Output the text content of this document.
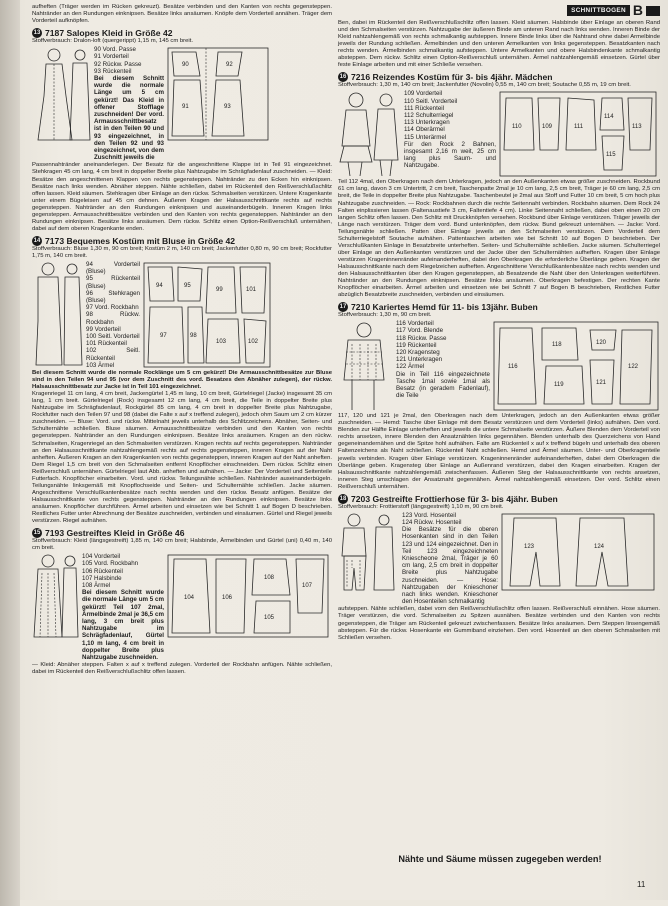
SCHNITTBOGEN B

aufheften (Träger werden im Rücken gekreuzt). Besätze verbinden und den Kanten von rechts gegensteppen. Nahtränder an den Rundungen einknipsen. Besätze links ansäumen. Knöpfe dem Vorderteil annähen. Träger dem Vorderteil aufknöpfen.

13 7187 Salopes Kleid in Größe 42

Stoffverbrauch: Dralon-loft (quergerippt) 1,15 m, 145 cm breit.

90 Vord. Passe
91 Vorderteil
92 Rückw. Passe
93 Rückenteil
Bei diesem Schnitt wurde die normale Länge um 5 cm gekürzt! Das Kleid in offener Stofflage zuschneiden! Der vord. Armausschnittbesatz ist in den Teilen 90 und 93 eingezeichnet, in den Teilen 92 und 93 eingezeichnet, von dem Zuschnitt jeweils die
90
91
92
93

Passennahtränder aneinanderlegen. Der Besatz für die angeschnittene Klappe ist in Teil 91 eingezeichnet. Stehkragen 45 cm lang, 4 cm breit in doppelter Breite plus Nahtzugabe im Schrägfadenlauf zuschneiden. — Kleid: Besätze den angeschnittenen Klappen von rechts gegensteppen. Nahtränder zu den Ecken hin einknipsen. Besätze nach links wenden. Abnäher steppen. Nähte schließen, dabei im Rückenteil den Reißverschlußschlitz offen lassen. Kleid säumen. Stehkragen über Einlage an den rückw. Schmalseiten verstürzen. Untere Kragenkante unter einem Bügeleisen auf 45 cm dehnen. Äußeren Kragen der Halsausschnittkante rechts auf rechts gegensteppen. Nahtränder an den Rundungen einknipsen und auseinanderbügeln. Inneren Kragen links gegensteppen. Armausschnittbesätze verbinden und den Kanten von rechts gegensteppen. Nahtränder an den Rundungen einknipsen. Besätze links ansäumen. Dem rückw. Schlitz einen Option-Reißverschluß unternähen, dabei auf dem oberen Kragenkante enden.

14 7173 Bequemes Kostüm mit Bluse in Größe 42

Stoffverbrauch: Bluse 1,30 m, 90 cm breit; Kostüm 2 m, 140 cm breit; Jackenfutter 0,80 m, 90 cm breit; Rockfutter 1,75 m, 140 cm breit.

94 Vorderteil (Bluse)
95 Rückenteil (Bluse)
96 Stehkragen (Bluse)
97 Vord. Rockbahn
98 Rückw. Rockbahn
99 Vorderteil
100 Seitl. Vorderteil
101 Rückenteil
102 Seitl. Rückenteil
103 Ärmel
94	95
99	101
97	98
103	102

Bei diesem Schnitt wurde die normale Rocklänge um 5 cm gekürzt! Die Armausschnittbesätze zur Bluse sind in den Teilen 94 und 95 (vor dem Zuschnitt des vord. Besatzes den Abnäher zulegen), der rückw. Halsausschnittbesatz zur Jacke ist in Teil 101 eingezeichnet.

Kragenriegel 11 cm lang, 4 cm breit, Jackengürtel 1,45 m lang, 10 cm breit, Gürtelriegel (Jacke) insgesamt 35 cm lang, 1 cm breit. Gürtelriegel (Rock) insgesamt 12 cm lang, 4 cm breit, die Teile in doppelter Breite plus Nahtzugabe im Schrägfadenlauf, Rockgürtel 85 cm lang, 4 cm breit in doppelter Breite plus Nahtzugabe, Rockfutter nach den Teilen 97 und 98 (dabei die Falte x auf x treffend zulegen), jedoch ohm Saum um 2 cm kürzer zuschneiden. — Bluse: Vord. und rückw. Mittelnaht jeweils unterhalb des Schlitzzeichens. Abnäher, Seiten- und Schulternähte schließen. Bluse säumen. Armausschnittbesätze verbinden und den Kanten von rechts gegensteppen. Nahtränder an den Rundungen einknipsen. Besätze links ansäumen. Kragen an den rückw. Schmalseiten, Kragenriegel an den Schmalseiten verstürzen. Kragen rechts auf rechts gegensteppen. Nahtränder an den Halsausschnittkante nahtzahlengemäß rechts auf rechts gegensteppen, inneren Kragen auf der Naht anheften. Äußeren Kragen an den Kragenkanten von rechts gegensteppen, inneren Kragen auf der Naht anheften. Dem Riegel 1,5 cm breit von den Schmalseiten entfernt Knopflöcher einschneiden. Dem rückw. Schlitz einen Reißverschluß unternähen. Gürtelriegel laut Abb. anheften und aufnähen. — Jacke: Der Vorderteil und Seitenteile Futterfach. Knopflöcher einarbeiten. Vord. und rückw. Teilungsnähte schließen. Nahtränder auseinanderbügeln. Teilungsnähte linksgemäß mit Knopflochseide und Seiten- und Schulternähte schließen. Jacke säumen. Angeschnittene Verschlußkantenbesätze nach rechts wenden und den rückw. Besatz anfügen. Besätze der Halsausschnittkante von rechts gegensteppen. Nahtränder an den Rundungen einknipsen. Besätze links ansäumen. Knopflöcher durchführen. Ärmel arbeiten und einsetzen wie bei Schnitt 1 auf Bogen D beschrieben. Restliches Futter unter Abrechnung der Besätze zuschneiden, verbinden und einsäumen. Gürtel und Riegel jeweils verstürzen. Riegel aufnähen.

15 7193 Gestreiftes Kleid in Größe 46

Stoffverbrauch: Kleid (längsgestreift) 1,85 m, 140 cm breit; Halsbinde, Ärmelbinden und Gürtel (uni) 0,40 m, 140 cm breit.

104 Vorderteil
105 Vord. Rockbahn
106 Rückenteil
107 Halsbinde
108 Ärmel
Bei diesem Schnitt wurde die normale Länge um 5 cm gekürzt! Teil 107 2mal, Ärmelbinde 2mal je 36,5 cm lang, 3 cm breit plus Nahtzugabe im Schrägfadenlauf, Gürtel 1,10 m lang, 4 cm breit in doppelter Breite plus Nahtzugabe zuschneiden.
104	106
108
105
107

— Kleid: Abnäher steppen. Falten x auf x treffend zulegen. Vorderteil der Rockbahn anfügen. Nähte schließen, dabei im Rückenteil den Reißverschlußschlitz offen lassen.

Ben, dabei im Rückenteil den Reißverschlußschlitz offen lassen. Kleid säumen. Halsbinde über Einlage an oberen Rand und den Schmalseiten verstürzen. Nahtzugabe der äußeren Binde am unteren Rand nach links wenden. Inneren Binde der Kleid nahtzahlengemäß von rechts schmalkantig aufsteppen. Innere Binde links über die Nahtrand ohne dabei Armelbinde jeweils der Rundung schließen. Ärmelbinden und den unteren Armelkanten von links gegensteppen. Besatzkanten nach rechts wenden. Ärmelbinden schmalkantig aufsteppen. Untere Armelkanten und obere Halsbindenkante schmalkantig absteppen. Dem rückw. Schlitz einen Option-Reißverschluß unternähen. Ärmel nahtzahlengemäß einsetzen. Gürtel über feste Einlage arbeiten und mit einer Schließe versehen.

16 7216 Reizendes Kostüm für 3- bis 4jähr. Mädchen

Stoffverbrauch: 1,30 m, 140 cm breit; Jackenfutter (Novolin) 0,55 m, 140 cm breit; Soutache 0,55 m, 19 cm breit.

109 Vorderteil
110 Seitl. Vorderteil
111 Rückenteil
112 Schulterriegel
113 Unterkragen
114 Oberärmel
115 Unterärmel
Für den Rock 2 Bahnen, insgesamt 2,16 m weit, 25 cm lang plus Saum- und Nahtzugabe.
110	109	111
114
113
115

Teil 112 4mal, den Oberkragen nach dem Unterkragen, jedoch an den Außenkanten etwas größer zuschneiden. Rockbund 61 cm lang, davon 3 cm Untertritt, 2 cm breit, Taschenpatte 2mal je 10 cm lang, 2,5 cm breit, Träger je 60 cm lang, 2,5 cm breit, die Teile in doppelter Breite plus Nahtzugabe. Taschenbeutel je 2mal aus Stoff und Futter 10 cm breit, 5 cm hoch plus Nahtzugabe zuschneiden. — Rock: Rockbahnen durch die rechte Seitennaht verbinden. Rockbahn säumen. Dem Rock 24 Falten einplissieren lassen (Faltenaustiefe 3 cm, Faltentiefe 4 cm). Linke Seitennaht schließen, dabei oben einen 20 cm langen Schlitz offen lassen. Den Schlitz mit Druckknöpfen versehen. Rockbund über Einlage verstürzen. Träger jeweils der Länge nach verstürzen. Träger dem vord. Bund unterknöpfen, dem rückw. Bund gekreuzt unternähen. — Jacke: Vord. Teilungsnähte schließen. Patten über Einlage jeweils an den Schmalseiten verstürzen. Dem Vorderteil dem Schulterriegelstoff Soutache aufnähen. Pattentaschen arbeiten wie bei Schnitt 10 auf Bogen D beschrieben. Der Verschlußkanten Einlage in Besatzbreite unterheften. Seiten- und Schulternähte schließen. Jacke säumen. Schulterriegel über Einlage an den Außenkanten verstürzen und der Jacke über den Schulternähten aufheften. Kragen über Einlage verstürzen Krageninnenränder aufeinanderheften, dabei den Oberkragen die erforderliche Überlänge geben. Kragen der Halsausschnittkante nach dem Riegelzeichen aufheften. Angeschnittene Verschlußkantenbesätze nach rechts wenden und den Halsausschnittkanten über den Kragen gegensteppen, ab Besatzende die Naht über den Unterkragen weiterführen. Nahtränder an den Rundungen einknipsen. Besätze links ansäumen. Oberkragen befestigen. Der rechten Kante Knopflöcher einarbeiten. Ärmel arbeiten und einsetzen wie bei Schnitt 7 auf Bogen B beschrieben, Restliches Futter abzüglich Besatzbreite zuschneiden, verbinden und einsäumen.

17 7210 Kariertes Hemd für 11- bis 13jähr. Buben

Stoffverbrauch: 1,30 m, 90 cm breit.

116 Vorderteil
117 Vord. Blende
118 Rückw. Passe
119 Rückenteil
120 Kragensteg
121 Unterkragen
122 Ärmel
Die in Teil 116 eingezeichnete Tasche 1mal sowie 1mal als Besatz (in geradem Fadenlauf), die Teile
116
118
119
120
122
121

117, 120 und 121 je 2mal, den Oberkragen nach dem Unterkragen, jedoch an den Außenkanten etwas größer zuschneiden. — Hemd: Tasche über Einlage mit dem Besatz verstürzen und dem Vorderteil (links) aufnähen. Den vord. Blenden zur Hälfte Einlage unterheften und jeweils die untere Schmalseite verstürzen. Äußere Blenden dem Vorderteil von rechts ansetzen, innere Blenden den Ansatznähten links gegennähen. Blenden unterhalb des Querzeichens von Hand gegeneinandernähen und die Spitze hohl aufnähen. Falte am Rückenteil x auf x treffend bügeln und unterhalb des oberen Faltenzeichens als Naht schließen. Rückenteil Naht schließen. Hemd und Ärmel säumen. Unter- und Oberkragenteile jeweils verbinden. Kragen über Einlage verstürzen. Krageninnenränder aufeinanderheften, dabei dem Oberkragen die Überlänge geben. Kragensteg über Einlage an Außenrand verstürzen, dabei den Kragen einarbeiten. Kragen der Halsausschnittkante nahtzahlengemäß zwischenfassen. Äußeren Steg der Halsausschnittkante von rechts ansetzen, inneren Steg umschlagen der Ansatznaht gegennähen. Ärmel nahtzahlengemäß einsetzen. Der vord. Schlitz einen Reißverschluß unternähen.

18 7203 Gestreifte Frottierhose für 3- bis 4jähr. Buben

Stoffverbrauch: Frottierstoff (längsgestreift) 1,10 m, 90 cm breit.

123 Vord. Hosenteil
124 Rückw. Hosenteil
Die Besätze für die oberen Hosenkanten sind in den Teilen 123 und 124 eingezeichnet. Den in Teil 123 eingezeichneten Kniescheone 2mal, Träger je 60 cm lang, 2,5 cm breit in doppelter Breite plus Nahtzugabe zuschneiden. — Hose: Nahtzugaben der Knieschoner nach links wenden. Knieschoner den Hosenteilen schmalkantig
123	124

aufsteppen. Nähte schließen, dabei vorn den Reißverschlußschlitz offen lassen. Reißverschluß einnähen. Hose säumen. Träger verstürzen, die vord. Schmalseiten zu Spitzen ausnähen. Besätze verbinden und den Kanten von rechts gegensteppen, die Träger am Rückenteil gekreuzt zwischenfassen. Besätze links ansäumen. Dem Steppen linsengemäß absteppen. Für die rückw. Hosenkante ein Gummiband einziehen. Den vord. Hosenteil an den oberen Schmalseiten mit Schließen versehen.

Nähte und Säume müssen zugegeben werden!
11
